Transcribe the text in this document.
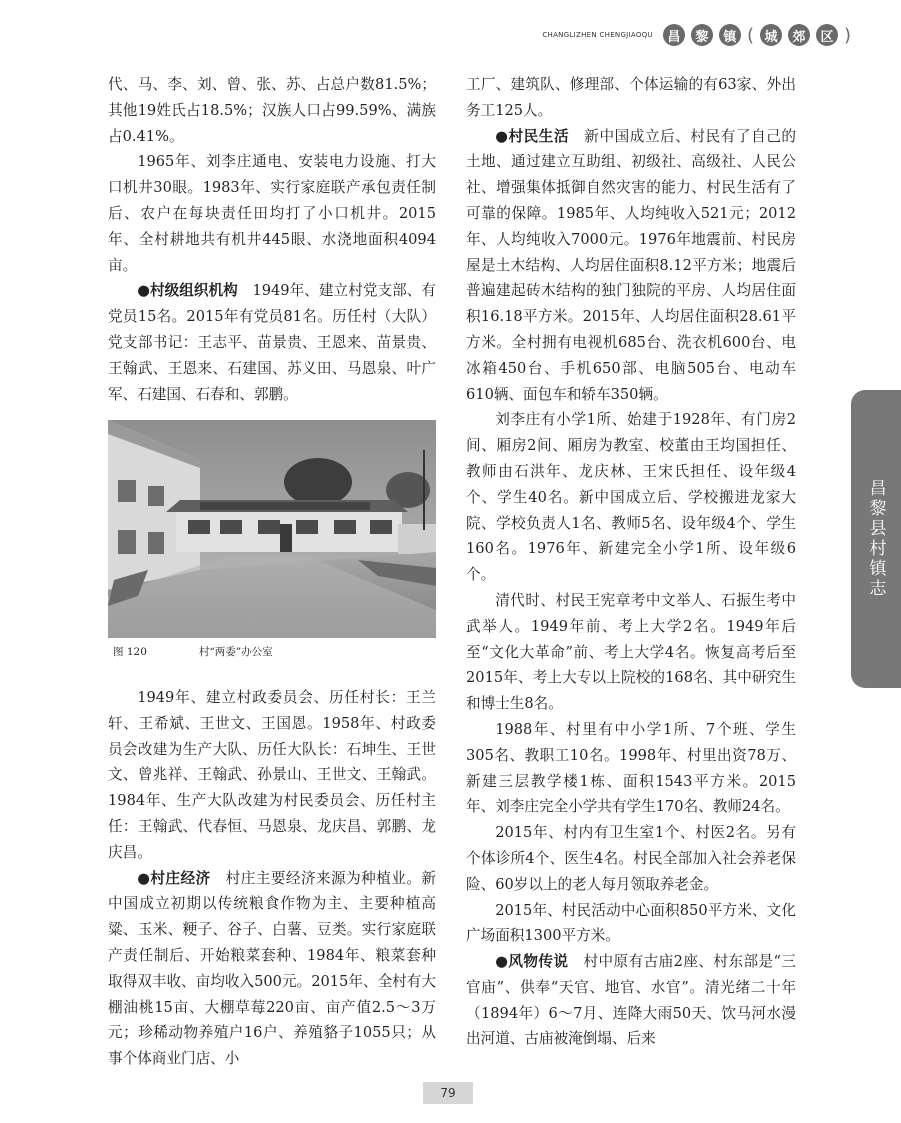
CHANGLIZHEN CHENGJIAOQU	昌	黎	镇 ( 城	郊	区 )

代、马、李、刘、曾、张、苏、占总户数81.5%；其他19姓氏占18.5%；汉族人口占99.59%、满族占0.41%。

1965年、刘李庄通电、安装电力设施、打大口机井30眼。1983年、实行家庭联产承包责任制后、农户在每块责任田均打了小口机井。2015年、全村耕地共有机井445眼、水浇地面积4094亩。

●村级组织机构　1949年、建立村党支部、有党员15名。2015年有党员81名。历任村（大队）党支部书记：王志平、苗景贵、王恩来、苗景贵、王翰武、王恩来、石建国、苏义田、马恩泉、叶广军、石建国、石春和、郭鹏。

图 120	村“两委”办公室

1949年、建立村政委员会、历任村长：王兰轩、王希斌、王世文、王国恩。1958年、村政委员会改建为生产大队、历任大队长：石坤生、王世文、曾兆祥、王翰武、孙景山、王世文、王翰武。1984年、生产大队改建为村民委员会、历任村主任：王翰武、代春恒、马恩泉、龙庆昌、郭鹏、龙庆昌。

●村庄经济　村庄主要经济来源为种植业。新中国成立初期以传统粮食作物为主、主要种植高粱、玉米、粳子、谷子、白薯、豆类。实行家庭联产责任制后、开始粮菜套种、1984年、粮菜套种取得双丰收、亩均收入500元。2015年、全村有大棚油桃15亩、大棚草莓220亩、亩产值2.5～3万元；珍稀动物养殖户16户、养殖貉子1055只；从事个体商业门店、小

工厂、建筑队、修理部、个体运输的有63家、外出务工125人。

●村民生活　新中国成立后、村民有了自己的土地、通过建立互助组、初级社、高级社、人民公社、增强集体抵御自然灾害的能力、村民生活有了可靠的保障。1985年、人均纯收入521元；2012年、人均纯收入7000元。1976年地震前、村民房屋是土木结构、人均居住面积8.12平方米；地震后普遍建起砖木结构的独门独院的平房、人均居住面积16.18平方米。2015年、人均居住面积28.61平方米。全村拥有电视机685台、洗衣机600台、电冰箱450台、手机650部、电脑505台、电动车610辆、面包车和轿车350辆。

刘李庄有小学1所、始建于1928年、有门房2间、厢房2间、厢房为教室、校董由王均国担任、教师由石洪年、龙庆林、王宋氏担任、设年级4个、学生40名。新中国成立后、学校搬进龙家大院、学校负责人1名、教师5名、设年级4个、学生160名。1976年、新建完全小学1所、设年级6个。

清代时、村民王宪章考中文举人、石振生考中武举人。1949年前、考上大学2名。1949年后至“文化大革命”前、考上大学4名。恢复高考后至2015年、考上大专以上院校的168名、其中研究生和博士生8名。

1988年、村里有中小学1所、7个班、学生305名、教职工10名。1998年、村里出资78万、新建三层教学楼1栋、面积1543平方米。2015年、刘李庄完全小学共有学生170名、教师24名。

2015年、村内有卫生室1个、村医2名。另有个体诊所4个、医生4名。村民全部加入社会养老保险、60岁以上的老人每月领取养老金。

2015年、村民活动中心面积850平方米、文化广场面积1300平方米。

●风物传说　村中原有古庙2座、村东部是“三官庙”、供奉“天官、地官、水官”。清光绪二十年（1894年）6～7月、连降大雨50天、饮马河水漫出河道、古庙被淹倒塌、后来

昌黎县村镇志
79
